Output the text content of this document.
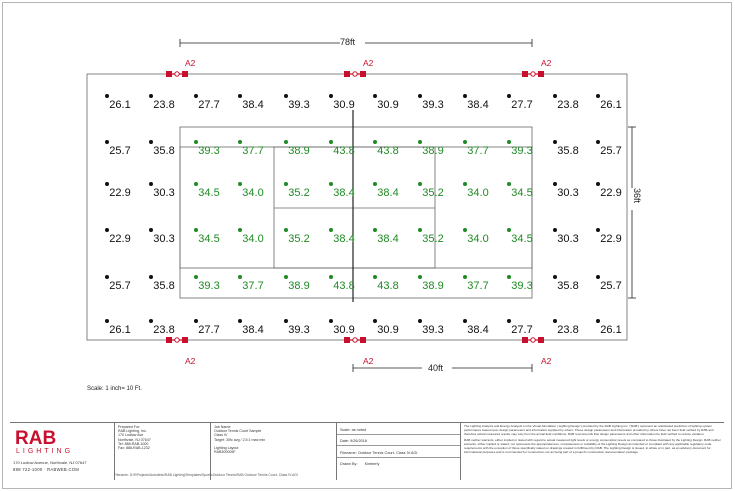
78ft
40ft
36ft
A2	A2	A2
A2	A2	A2
26.1	23.8	27.7	38.4	39.3	30.9	30.9	39.3	38.4	27.7	23.8	26.1
25.7	35.8	39.3	37.7	38.9	43.8	43.8	38.9	37.7	39.3	35.8	25.7
22.9	30.3	34.5	34.0	35.2	38.4	38.4	35.2	34.0	34.5	30.3	22.9
22.9	30.3	34.5	34.0	35.2	38.4	38.4	35.2	34.0	34.5	30.3	22.9
25.7	35.8	39.3	37.7	38.9	43.8	43.8	38.9	37.7	39.3	35.8	25.7
26.1	23.8	27.7	38.4	39.3	30.9	30.9	39.3	38.4	27.7	23.8	26.1
Scale: 1 inch= 10 Ft.
RAB
LIGHTING
170 Ludlow Avenue, Northvale, NJ 07647
888 722-1000 · RABWEB.COM
Prepared For:
RAB Lighting, Inc.
170 Ludlow Ave
Northvale, NJ 07647
Tel: 888-RAB-1000
Fax: 888-RAB-1232
Job Name:
Outdoor Tennis Court Sample
Class IV
Target: 30fc avg / 2.5:1 max:min
Lighting Layout
RAB300005F
Scale: as noted
Date: 9/26/2016
Filename: Outdoor Tennis Court- Class IV.AGI
Drawn By: Kimberly
The Lighting Analysis and Energy Analysis on the Visual Simulation (‘Lighting Design’) provided by the RAB Lighting Inc. ('RAB') represent an anticipated prediction of lighting system performance based upon design parameters and information supplied by others. These design parameters and information provided by others have not been field verified by RAB and therefore actual measured results may vary from the actual field conditions. RAB recommends that design parameters and other information be field verified to reduce variation.
RAB neither warrants, either implied or stated with regard to actual measured light levels or energy consumption levels as compared to those illustrated by the Lighting Design. RAB neither warrants, either implied or stated, nor represents the appropriateness, completeness or suitability of the Lighting Design as intended or compliant with any applicable regulatory code requirements with the exception of those specifically stated on drawings created in fulfillment by RAB. The Lighting Design is issued, in whole or in part, as an advisory document for informational purposes and is not intended for construction nor as being part of a project's construction documentation package.
Filename: D:\RProjects\Autodesk\RAB Lighting\Templates\Sports\Outdoor Tennis\RAB Outdoor Tennis Court- Class IV.AGI
